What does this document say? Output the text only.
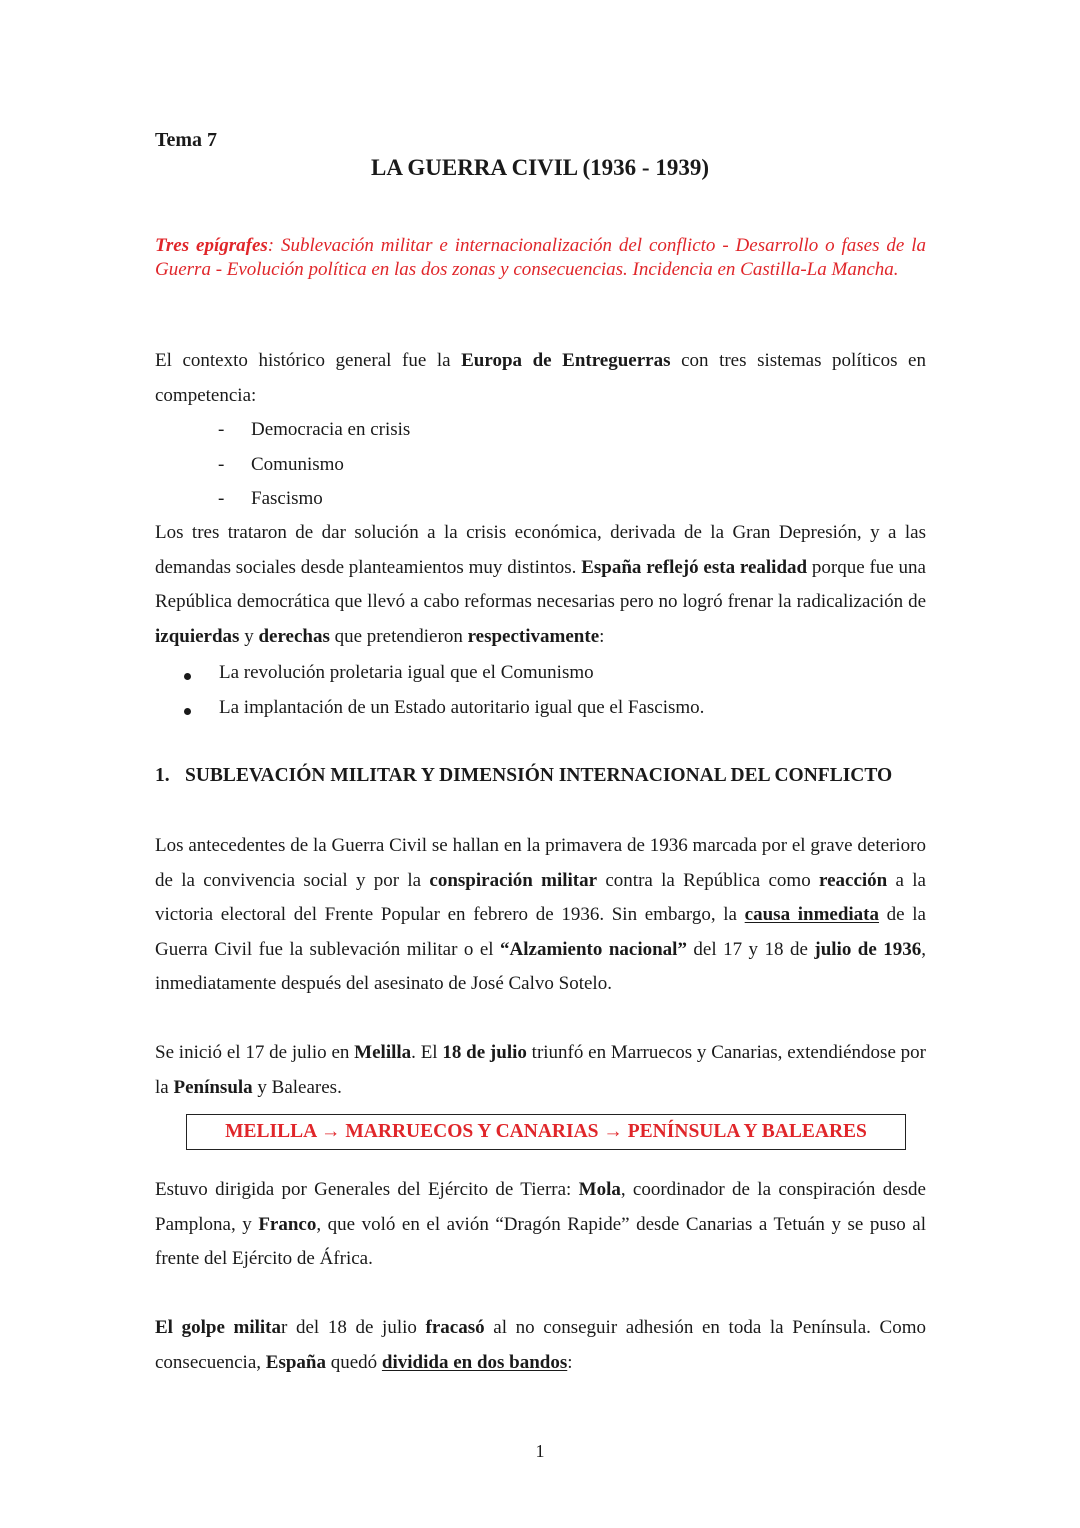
Tema 7
LA GUERRA CIVIL (1936 - 1939)
Tres epígrafes: Sublevación militar e internacionalización del conflicto - Desarrollo o fases de la Guerra - Evolución política en las dos zonas y consecuencias. Incidencia en Castilla-La Mancha.
El contexto histórico general fue la Europa de Entreguerras con tres sistemas políticos en competencia:
- Democracia en crisis
- Comunismo
- Fascismo
Los tres trataron de dar solución a la crisis económica, derivada de la Gran Depresión, y a las demandas sociales desde planteamientos muy distintos. España reflejó esta realidad porque fue una República democrática que llevó a cabo reformas necesarias pero no logró frenar la radicalización de izquierdas y derechas que pretendieron respectivamente:
La revolución proletaria igual que el Comunismo
La implantación de un Estado autoritario igual que el Fascismo.
1. SUBLEVACIÓN MILITAR Y DIMENSIÓN INTERNACIONAL DEL CONFLICTO
Los antecedentes de la Guerra Civil se hallan en la primavera de 1936 marcada por el grave deterioro de la convivencia social y por la conspiración militar contra la República como reacción a la victoria electoral del Frente Popular en febrero de 1936. Sin embargo, la causa inmediata de la Guerra Civil fue la sublevación militar o el “Alzamiento nacional” del 17 y 18 de julio de 1936, inmediatamente después del asesinato de José Calvo Sotelo.
Se inició el 17 de julio en Melilla. El 18 de julio triunfó en Marruecos y Canarias, extendiéndose por la Península y Baleares.
MELILLA → MARRUECOS Y CANARIAS → PENÍNSULA Y BALEARES
Estuvo dirigida por Generales del Ejército de Tierra: Mola, coordinador de la conspiración desde Pamplona, y Franco, que voló en el avión “Dragón Rapide” desde Canarias a Tetuán y se puso al frente del Ejército de África.
El golpe militar del 18 de julio fracasó al no conseguir adhesión en toda la Península. Como consecuencia, España quedó dividida en dos bandos:
1
